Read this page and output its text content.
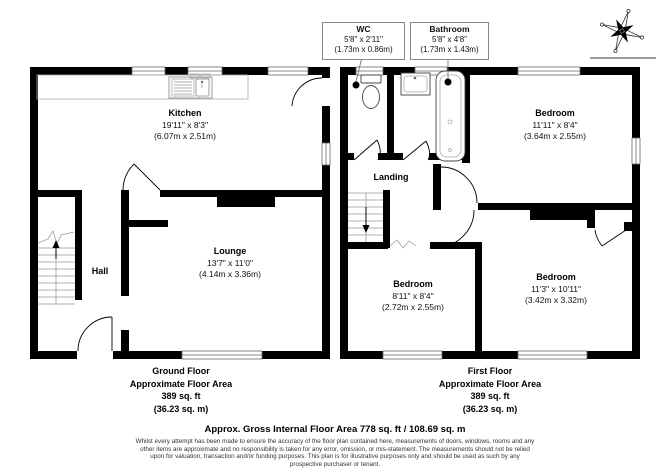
WC
5'8" x 2'11"
(1.73m x 0.86m)
Bathroom
5'8" x 4'8"
(1.73m x 1.43m)
Kitchen
19'11" x 8'3"
(6.07m x 2.51m)
Lounge
13'7" x 11'0"
(4.14m x 3.36m)
Hall
Bedroom
11'11" x 8'4"
(3.64m x 2.55m)
Bedroom
8'11" x 8'4"
(2.72m x 2.55m)
Bedroom
11'3" x 10'11"
(3.42m x 3.32m)
Landing
Ground Floor
Approximate Floor Area
389 sq. ft
(36.23 sq. m)
First Floor
Approximate Floor Area
389 sq. ft
(36.23 sq. m)
Approx. Gross Internal Floor Area 778 sq. ft / 108.69 sq. m
Whilst every attempt has been made to ensure the accuracy of the floor plan contained here, measurements of doors, windows, rooms and any other items are approximate and no responsibility is taken for any error, omission, or mis-statement. The measurements should not be relied upon for valuation, transaction and/or funding purposes. This plan is for illustrative purposes only and should be used as such by any prospective purchaser or tenant.
